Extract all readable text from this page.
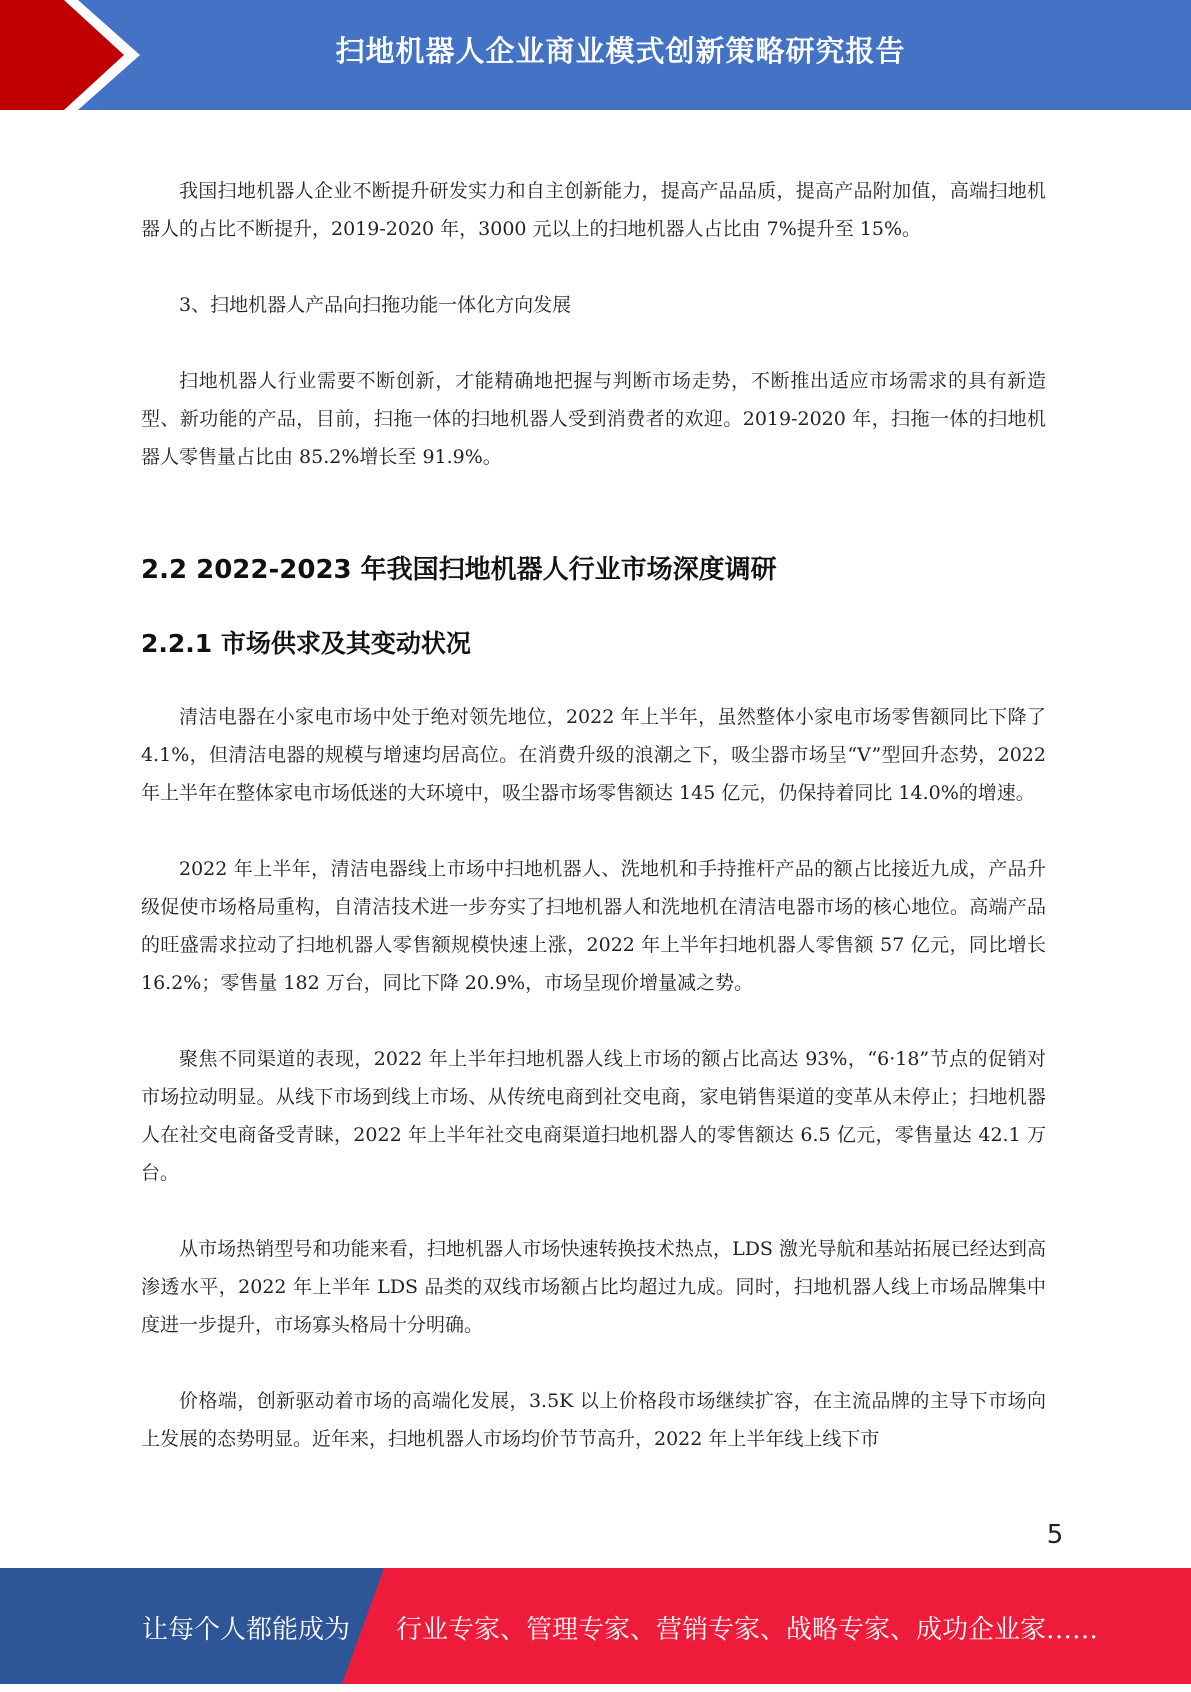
扫地机器人企业商业模式创新策略研究报告

我国扫地机器人企业不断提升研发实力和自主创新能力，提高产品品质，提高产品附加值，高端扫地机器人的占比不断提升，2019-2020 年，3000 元以上的扫地机器人占比由 7%提升至 15%。

3、扫地机器人产品向扫拖功能一体化方向发展

扫地机器人行业需要不断创新，才能精确地把握与判断市场走势，不断推出适应市场需求的具有新造型、新功能的产品，目前，扫拖一体的扫地机器人受到消费者的欢迎。2019-2020 年，扫拖一体的扫地机器人零售量占比由 85.2%增长至 91.9%。

2.2 2022-2023 年我国扫地机器人行业市场深度调研
2.2.1 市场供求及其变动状况

清洁电器在小家电市场中处于绝对领先地位，2022 年上半年，虽然整体小家电市场零售额同比下降了 4.1%，但清洁电器的规模与增速均居高位。在消费升级的浪潮之下，吸尘器市场呈“V”型回升态势，2022 年上半年在整体家电市场低迷的大环境中，吸尘器市场零售额达 145 亿元，仍保持着同比 14.0%的增速。

2022 年上半年，清洁电器线上市场中扫地机器人、洗地机和手持推杆产品的额占比接近九成，产品升级促使市场格局重构，自清洁技术进一步夯实了扫地机器人和洗地机在清洁电器市场的核心地位。高端产品的旺盛需求拉动了扫地机器人零售额规模快速上涨，2022 年上半年扫地机器人零售额 57 亿元，同比增长 16.2%；零售量 182 万台，同比下降 20.9%，市场呈现价增量减之势。

聚焦不同渠道的表现，2022 年上半年扫地机器人线上市场的额占比高达 93%，“6·18”节点的促销对市场拉动明显。从线下市场到线上市场、从传统电商到社交电商，家电销售渠道的变革从未停止；扫地机器人在社交电商备受青睐，2022 年上半年社交电商渠道扫地机器人的零售额达 6.5 亿元，零售量达 42.1 万台。

从市场热销型号和功能来看，扫地机器人市场快速转换技术热点，LDS 激光导航和基站拓展已经达到高渗透水平，2022 年上半年 LDS 品类的双线市场额占比均超过九成。同时，扫地机器人线上市场品牌集中度进一步提升，市场寡头格局十分明确。

价格端，创新驱动着市场的高端化发展，3.5K 以上价格段市场继续扩容，在主流品牌的主导下市场向上发展的态势明显。近年来，扫地机器人市场均价节节高升，2022 年上半年线上线下市

5
让每个人都能成为 行业专家、管理专家、营销专家、战略专家、成功企业家……
